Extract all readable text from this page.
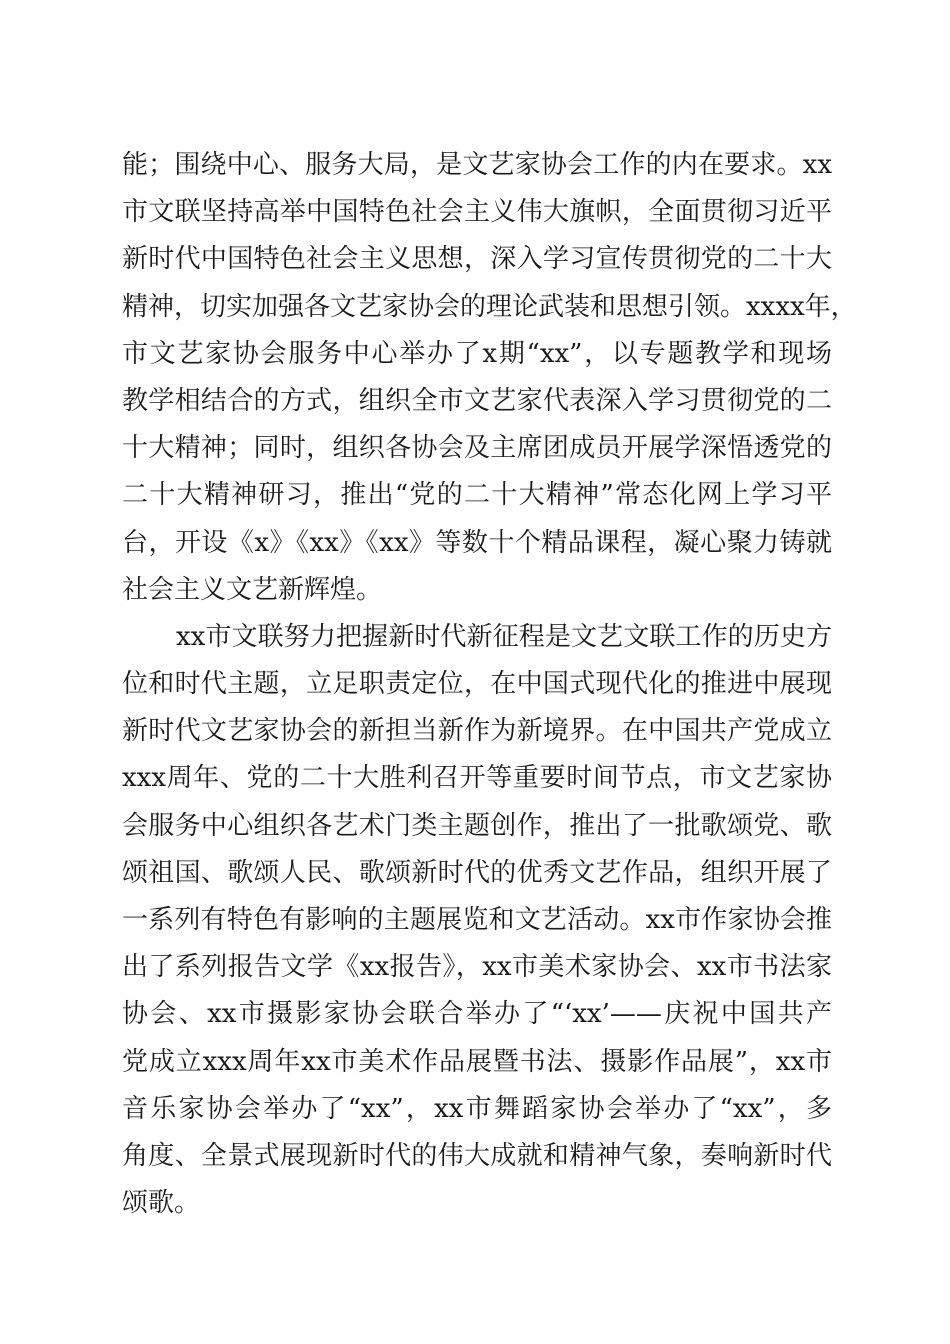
能；围绕中心、服务大局，是文艺家协会工作的内在要求。xx
市文联坚持高举中国特色社会主义伟大旗帜，全面贯彻习近平
新时代中国特色社会主义思想，深入学习宣传贯彻党的二十大
精神，切实加强各文艺家协会的理论武装和思想引领。xxxx年，
市文艺家协会服务中心举办了x期“xx”，以专题教学和现场
教学相结合的方式，组织全市文艺家代表深入学习贯彻党的二
十大精神；同时，组织各协会及主席团成员开展学深悟透党的
二十大精神研习，推出“党的二十大精神”常态化网上学习平
台，开设《x》《xx》《xx》等数十个精品课程，凝心聚力铸就
社会主义文艺新辉煌。
xx市文联努力把握新时代新征程是文艺文联工作的历史方
位和时代主题，立足职责定位，在中国式现代化的推进中展现
新时代文艺家协会的新担当新作为新境界。在中国共产党成立
xxx周年、党的二十大胜利召开等重要时间节点，市文艺家协
会服务中心组织各艺术门类主题创作，推出了一批歌颂党、歌
颂祖国、歌颂人民、歌颂新时代的优秀文艺作品，组织开展了
一系列有特色有影响的主题展览和文艺活动。xx市作家协会推
出了系列报告文学《xx报告》，xx市美术家协会、xx市书法家
协会、xx市摄影家协会联合举办了“‘xx’——庆祝中国共产
党成立xxx周年xx市美术作品展暨书法、摄影作品展”，xx市
音乐家协会举办了“xx”，xx市舞蹈家协会举办了“xx”，多
角度、全景式展现新时代的伟大成就和精神气象，奏响新时代
颂歌。
